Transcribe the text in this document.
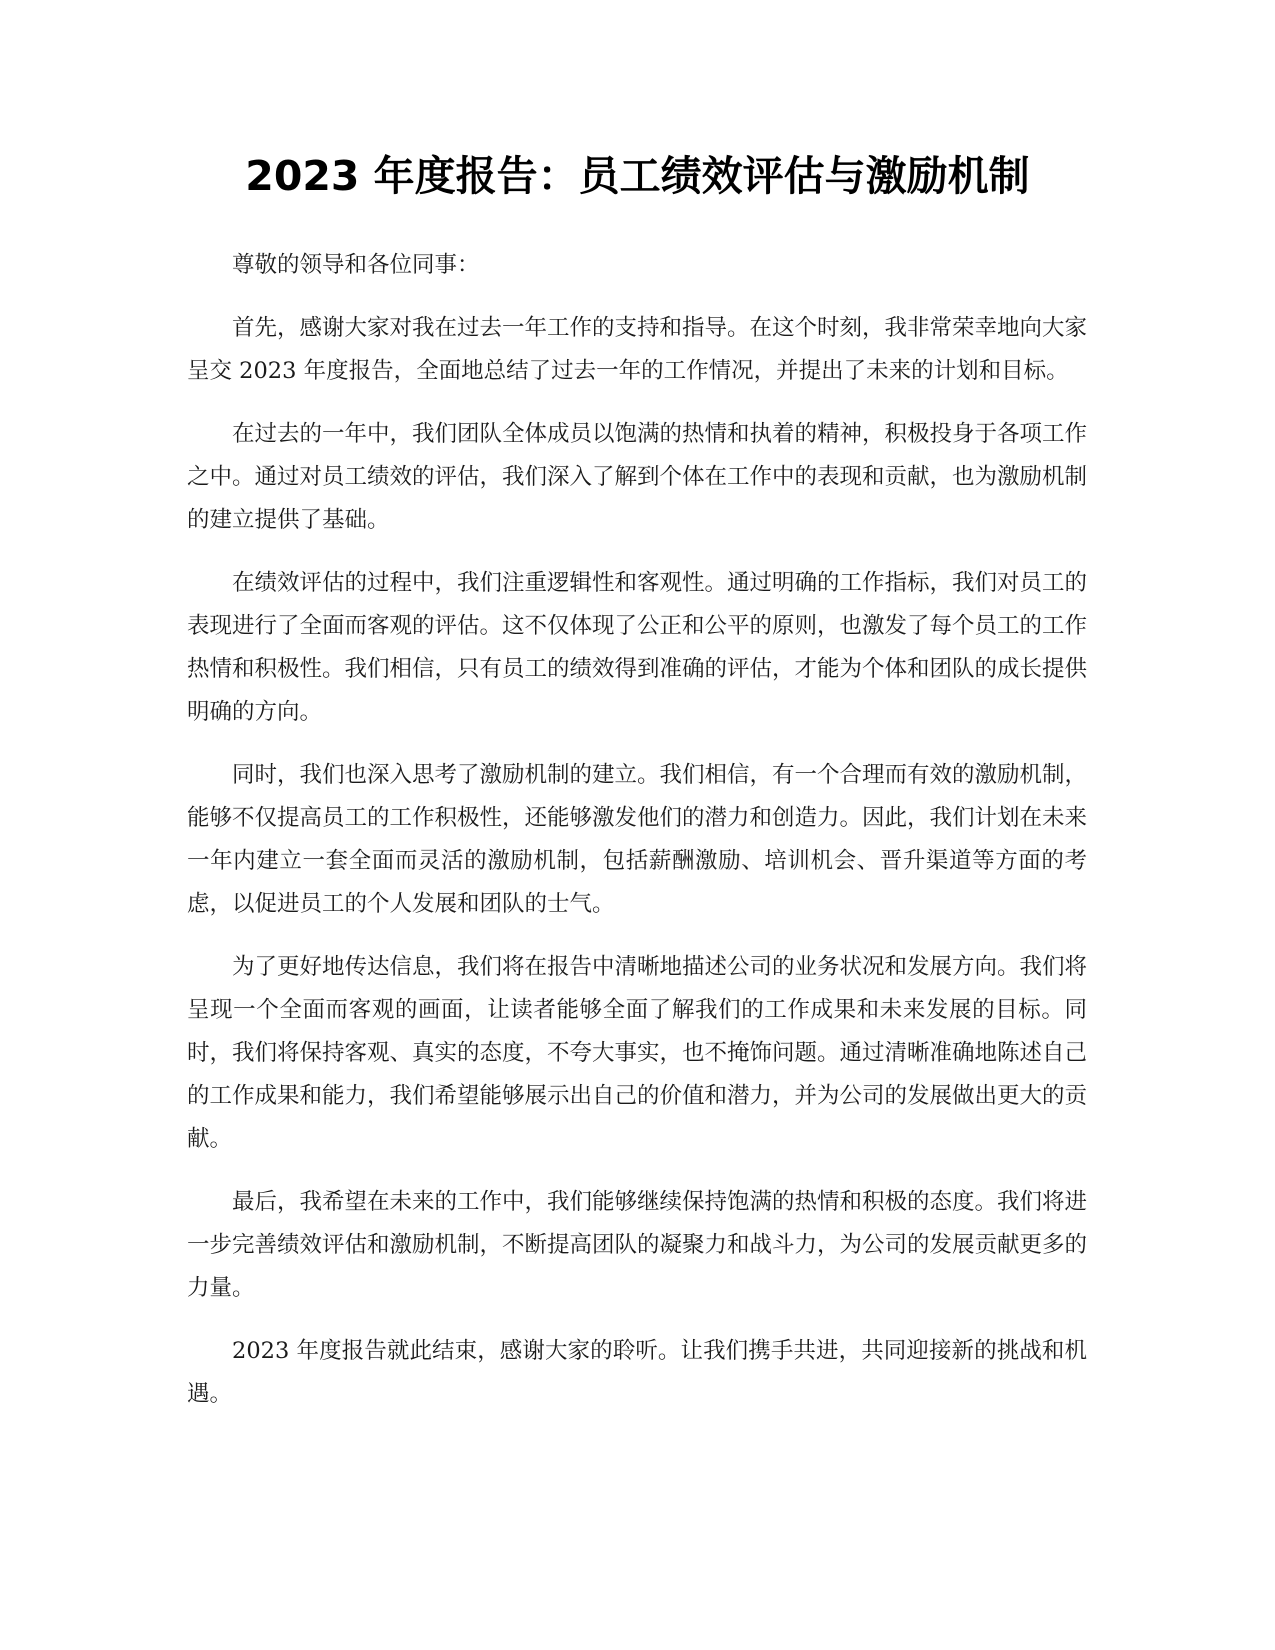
2023 年度报告：员工绩效评估与激励机制

尊敬的领导和各位同事：

首先，感谢大家对我在过去一年工作的支持和指导。在这个时刻，我非常荣幸地向大家呈交 2023 年度报告，全面地总结了过去一年的工作情况，并提出了未来的计划和目标。

在过去的一年中，我们团队全体成员以饱满的热情和执着的精神，积极投身于各项工作之中。通过对员工绩效的评估，我们深入了解到个体在工作中的表现和贡献，也为激励机制的建立提供了基础。

在绩效评估的过程中，我们注重逻辑性和客观性。通过明确的工作指标，我们对员工的表现进行了全面而客观的评估。这不仅体现了公正和公平的原则，也激发了每个员工的工作热情和积极性。我们相信，只有员工的绩效得到准确的评估，才能为个体和团队的成长提供明确的方向。

同时，我们也深入思考了激励机制的建立。我们相信，有一个合理而有效的激励机制，能够不仅提高员工的工作积极性，还能够激发他们的潜力和创造力。因此，我们计划在未来一年内建立一套全面而灵活的激励机制，包括薪酬激励、培训机会、晋升渠道等方面的考虑，以促进员工的个人发展和团队的士气。

为了更好地传达信息，我们将在报告中清晰地描述公司的业务状况和发展方向。我们将呈现一个全面而客观的画面，让读者能够全面了解我们的工作成果和未来发展的目标。同时，我们将保持客观、真实的态度，不夸大事实，也不掩饰问题。通过清晰准确地陈述自己的工作成果和能力，我们希望能够展示出自己的价值和潜力，并为公司的发展做出更大的贡献。

最后，我希望在未来的工作中，我们能够继续保持饱满的热情和积极的态度。我们将进一步完善绩效评估和激励机制，不断提高团队的凝聚力和战斗力，为公司的发展贡献更多的力量。

2023 年度报告就此结束，感谢大家的聆听。让我们携手共进，共同迎接新的挑战和机遇。
